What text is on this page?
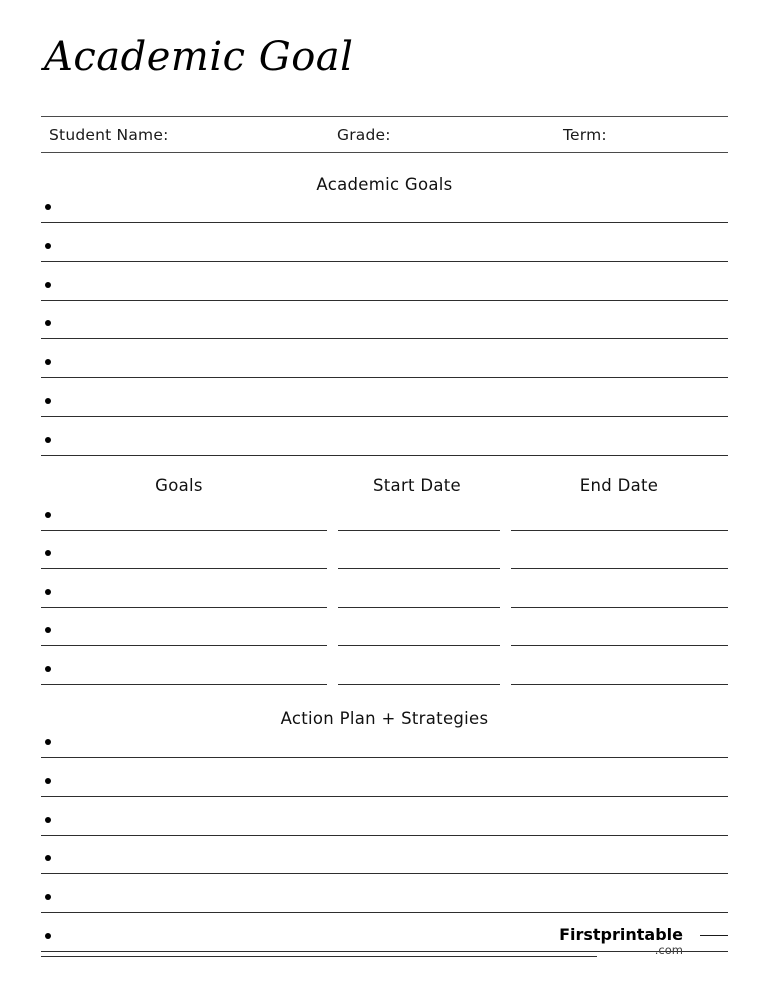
Academic Goal
Student Name:	Grade:	Term:
Academic Goals
Goals	Start Date	End Date
Action Plan + Strategies
Firstprintable
.com
